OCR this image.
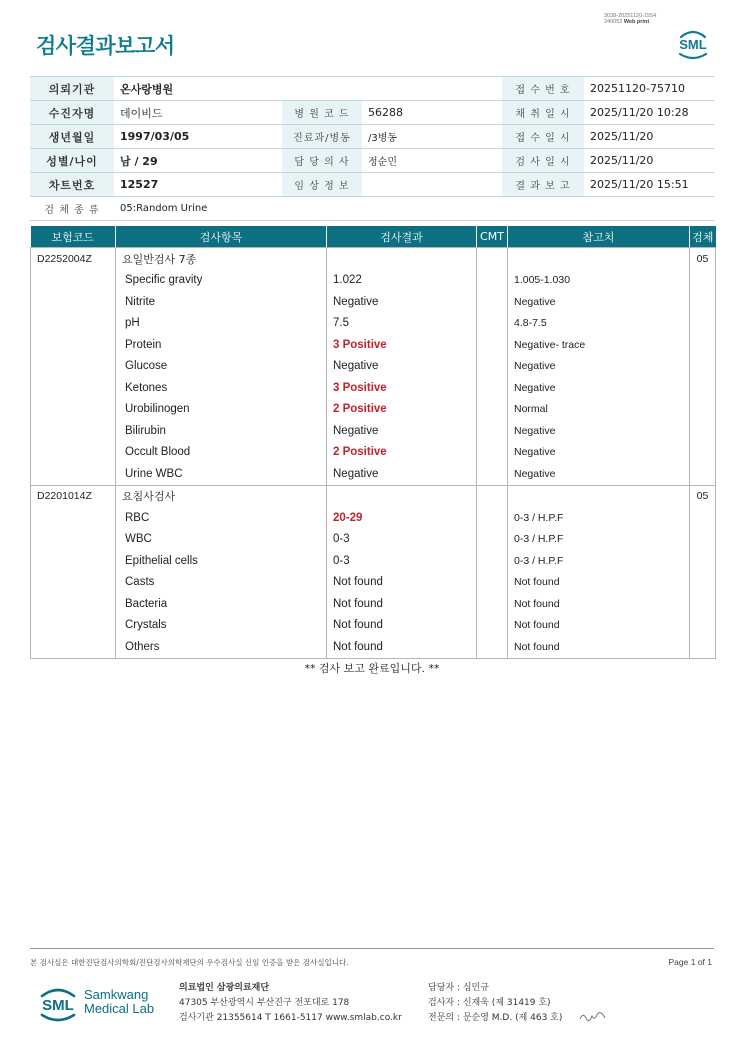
검사결과보고서
3038-20251120-1554
240053 Web print
SML
의뢰기관	온사랑병원			접 수 번 호	20251120-75710
수진자명	데이비드	병 원 코 드	56288	채 취 일 시	2025/11/20 10:28
생년월일	1997/03/05	진료과/병동	/3병동	접 수 일 시	2025/11/20
성별/나이	남 / 29	담 당 의 사	정순민	검 사 일 시	2025/11/20
차트번호	12527	임 상 정 보		결 과 보 고	2025/11/20 15:51
검 체 종 류	05:Random Urine				
보험코드	검사항목	검사결과	CMT	참고치	검체
D2252004Z	요일반검사 7종				05
	Specific gravity	1.022		1.005-1.030	
	Nitrite	Negative		Negative	
	pH	7.5		4.8-7.5	
	Protein	3 Positive		Negative- trace	
	Glucose	Negative		Negative	
	Ketones	3 Positive		Negative	
	Urobilinogen	2 Positive		Normal	
	Bilirubin	Negative		Negative	
	Occult Blood	2 Positive		Negative	
	Urine WBC	Negative		Negative	
D2201014Z	요침사검사				05
	RBC	20-29		0-3 / H.P.F	
	WBC	0-3		0-3 / H.P.F	
	Epithelial cells	0-3		0-3 / H.P.F	
	Casts	Not found		Not found	
	Bacteria	Not found		Not found	
	Crystals	Not found		Not found	
	Others	Not found		Not found	
** 검사 보고 완료입니다. **
본 검사실은 대한진단검사의학회/진단검사의학재단의 우수검사실 신임 인증을 받은 검사실입니다.	Page 1 of 1
SML
Samkwang
Medical Lab
의료법인 삼광의료재단
47305 부산광역시 부산진구 전포대로 178
검사기관 21355614 T 1661-5117 www.smlab.co.kr
담당자 : 심민규
검사자 : 신재욱 (제 31419 호)
전문의 : 문순영 M.D. (제 463 호)
